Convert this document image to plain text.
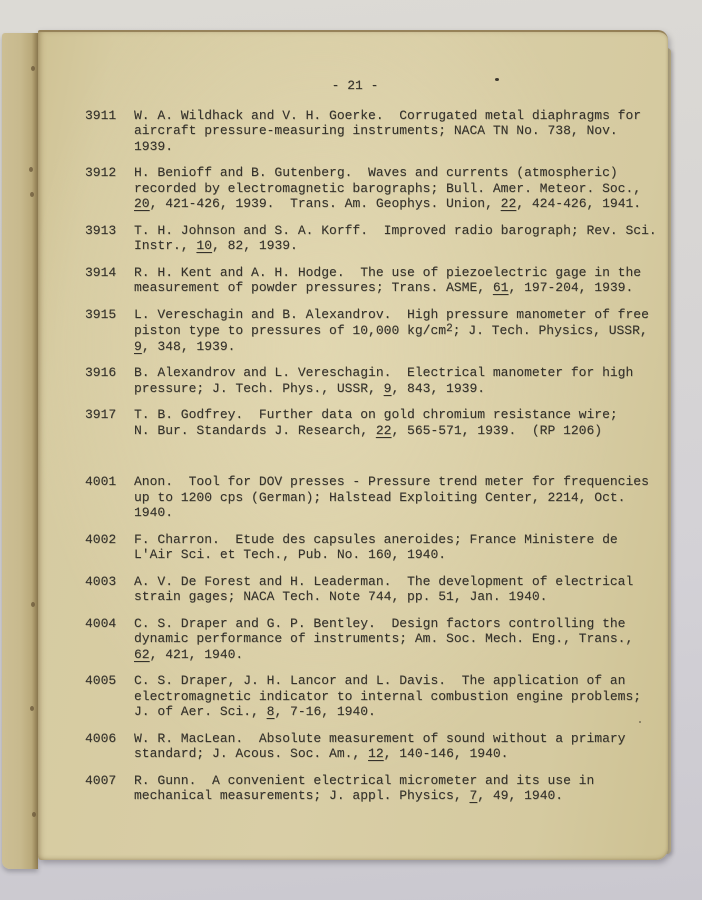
- 21 -
3911	W. A. Wildhack and V. H. Goerke.  Corrugated metal diaphragms for
aircraft pressure-measuring instruments; NACA TN No. 738, Nov.
1939.
3912	H. Benioff and B. Gutenberg.  Waves and currents (atmospheric)
recorded by electromagnetic barographs; Bull. Amer. Meteor. Soc.,
20, 421-426, 1939.  Trans. Am. Geophys. Union, 22, 424-426, 1941.
3913	T. H. Johnson and S. A. Korff.  Improved radio barograph; Rev. Sci.
Instr., 10, 82, 1939.
3914	R. H. Kent and A. H. Hodge.  The use of piezoelectric gage in the
measurement of powder pressures; Trans. ASME, 61, 197-204, 1939.
3915	L. Vereschagin and B. Alexandrov.  High pressure manometer of free
piston type to pressures of 10,000 $kg/cm^2$; J. Tech. Physics, USSR,
9, 348, 1939.
3916	B. Alexandrov and L. Vereschagin.  Electrical manometer for high
pressure; J. Tech. Phys., USSR, 9, 843, 1939.
3917	T. B. Godfrey.  Further data on gold chromium resistance wire;
N. Bur. Standards J. Research, 22, 565-571, 1939.  (RP 1206)
4001	Anon.  Tool for DOV presses - Pressure trend meter for frequencies
up to 1200 cps (German); Halstead Exploiting Center, 2214, Oct.
1940.
4002	F. Charron.  Etude des capsules aneroides; France Ministere de
L'Air Sci. et Tech., Pub. No. 160, 1940.
4003	A. V. De Forest and H. Leaderman.  The development of electrical
strain gages; NACA Tech. Note 744, pp. 51, Jan. 1940.
4004	C. S. Draper and G. P. Bentley.  Design factors controlling the
dynamic performance of instruments; Am. Soc. Mech. Eng., Trans.,
62, 421, 1940.
4005	C. S. Draper, J. H. Lancor and L. Davis.  The application of an
electromagnetic indicator to internal combustion engine problems;
J. of Aer. Sci., 8, 7-16, 1940.
4006	W. R. MacLean.  Absolute measurement of sound without a primary
standard; J. Acous. Soc. Am., 12, 140-146, 1940.
4007	R. Gunn.  A convenient electrical micrometer and its use in
mechanical measurements; J. appl. Physics, 7, 49, 1940.
